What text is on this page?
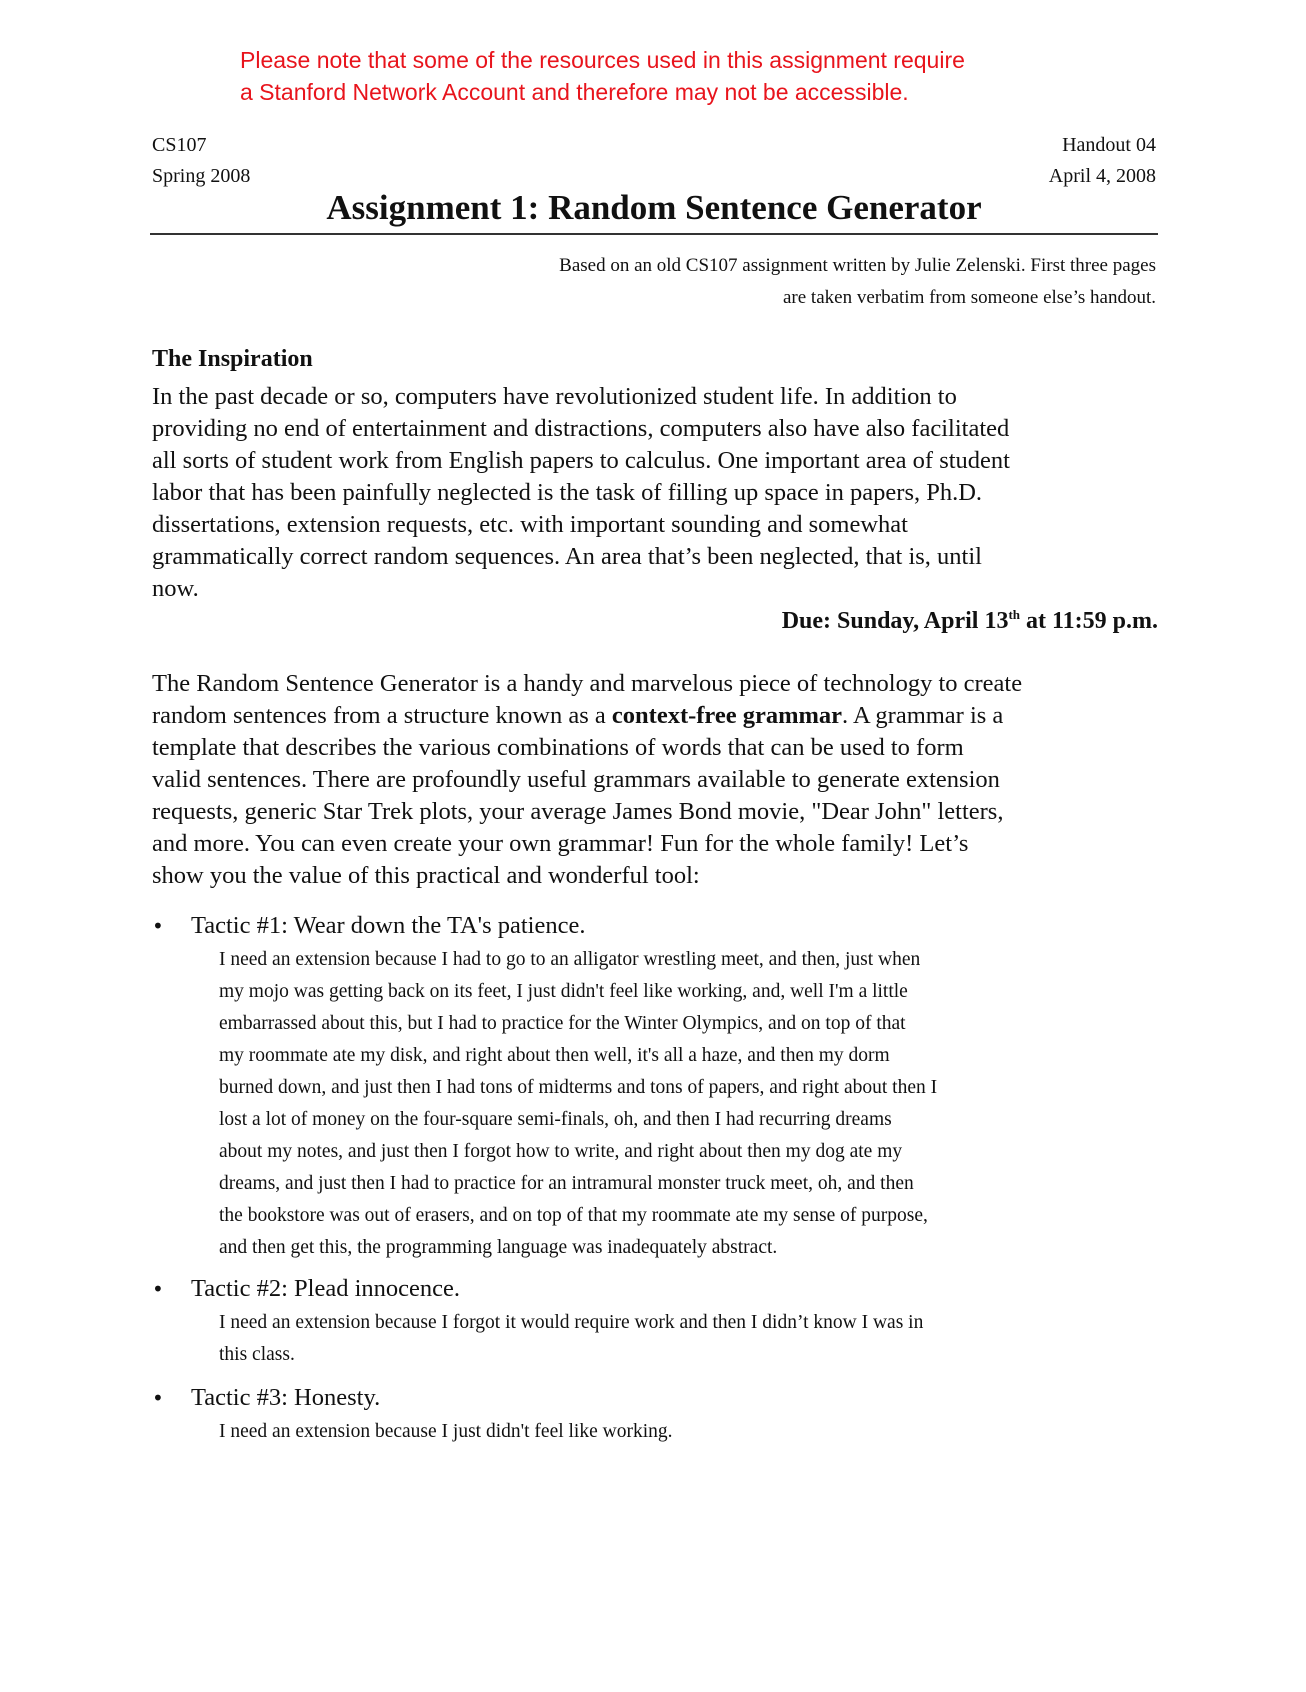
Please note that some of the resources used in this assignment require
a Stanford Network Account and therefore may not be accessible.
CS107
Spring 2008
Handout 04
April 4, 2008
Assignment 1: Random Sentence Generator
Based on an old CS107 assignment written by Julie Zelenski. First three pages
are taken verbatim from someone else’s handout.
The Inspiration
In the past decade or so, computers have revolutionized student life. In addition to
providing no end of entertainment and distractions, computers also have also facilitated
all sorts of student work from English papers to calculus. One important area of student
labor that has been painfully neglected is the task of filling up space in papers, Ph.D.
dissertations, extension requests, etc. with important sounding and somewhat
grammatically correct random sequences. An area that’s been neglected, that is, until
now.
Due: Sunday, April 13th at 11:59 p.m.
The Random Sentence Generator is a handy and marvelous piece of technology to create
random sentences from a structure known as a context-free grammar. A grammar is a
template that describes the various combinations of words that can be used to form
valid sentences. There are profoundly useful grammars available to generate extension
requests, generic Star Trek plots, your average James Bond movie, "Dear John" letters,
and more. You can even create your own grammar! Fun for the whole family! Let’s
show you the value of this practical and wonderful tool:
• Tactic #1: Wear down the TA's patience.
I need an extension because I had to go to an alligator wrestling meet, and then, just when
my mojo was getting back on its feet, I just didn't feel like working, and, well I'm a little
embarrassed about this, but I had to practice for the Winter Olympics, and on top of that
my roommate ate my disk, and right about then well, it's all a haze, and then my dorm
burned down, and just then I had tons of midterms and tons of papers, and right about then I
lost a lot of money on the four-square semi-finals, oh, and then I had recurring dreams
about my notes, and just then I forgot how to write, and right about then my dog ate my
dreams, and just then I had to practice for an intramural monster truck meet, oh, and then
the bookstore was out of erasers, and on top of that my roommate ate my sense of purpose,
and then get this, the programming language was inadequately abstract.
• Tactic #2: Plead innocence.
I need an extension because I forgot it would require work and then I didn’t know I was in
this class.
• Tactic #3: Honesty.
I need an extension because I just didn't feel like working.
